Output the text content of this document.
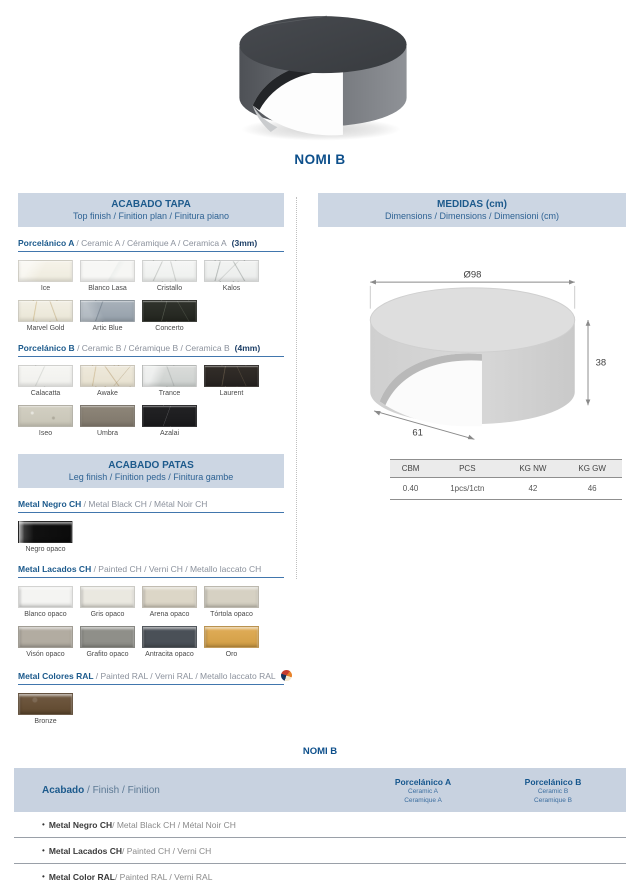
NOMI B
ACABADO TAPA
Top finish / Finition plan / Finitura piano
Porcelánico A / Ceramic A / Céramique A / Ceramica A (3mm)
Ice	Blanco Lasa	Cristallo	Kalos
Marvel Gold	Artic Blue	Concerto
Porcelánico B / Ceramic B / Céramique B / Ceramica B (4mm)
Calacatta	Awake	Trance	Laurent
Iseo	Umbra	Azalai
ACABADO PATAS
Leg finish / Finition peds / Finitura gambe
Metal Negro CH / Metal Black CH / Métal Noir CH
Negro opaco
Metal Lacados CH / Painted CH / Verni CH / Metallo laccato CH
Blanco opaco	Gris opaco	Arena opaco	Tórtola opaco
Visón opaco	Grafito opaco	Antracita opaco	Oro
Metal Colores RAL / Painted RAL / Verni RAL / Metallo laccato RAL
Bronze
MEDIDAS (cm)
Dimensions / Dimensions / Dimensioni (cm)
Ø98
38
61
CBM	PCS	KG NW	KG GW
0.40	1pcs/1ctn	42	46
NOMI B
Acabado / Finish / Finition
Porcelánico A
Ceramic A
Ceramique A
Porcelánico B
Ceramic B
Ceramique B
• Metal Negro CH / Metal Black CH / Métal Noir CH
• Metal Lacados CH / Painted CH / Verni CH
• Metal Color RAL / Painted RAL / Verni RAL
